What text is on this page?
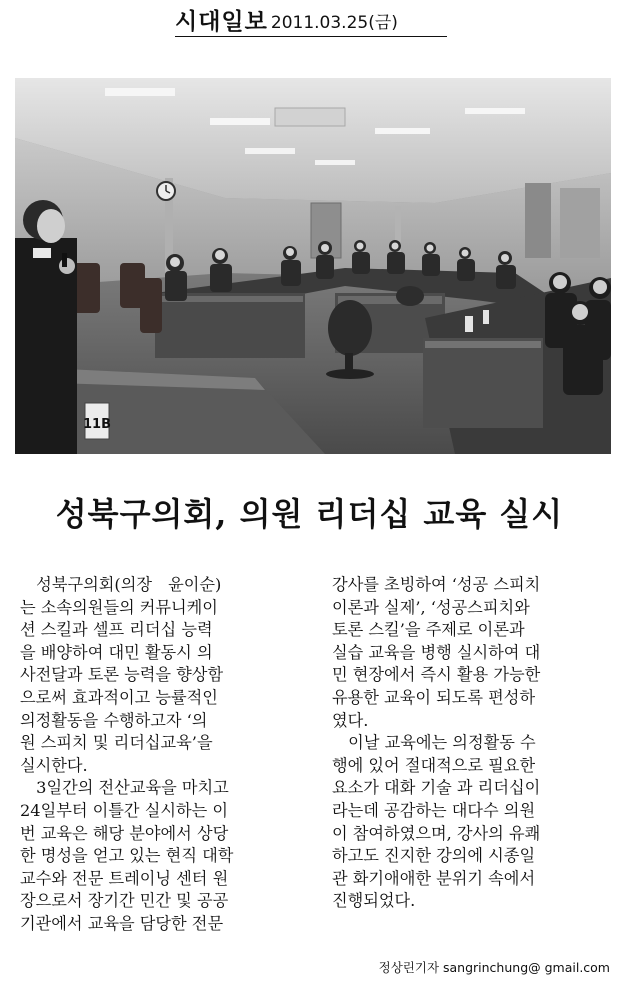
시대일보 2011.03.25(금)
11B
성북구의회, 의원 리더십 교육 실시

　성북구의회(의장　윤이순)

는 소속의원들의 커뮤니케이

션 스킬과 셀프 리더십 능력

을 배양하여 대민 활동시 의

사전달과 토론 능력을 향상함

으로써 효과적이고 능률적인

의정활동을 수행하고자 ‘의

원 스피치 및 리더십교육’을

실시한다.

　3일간의 전산교육을 마치고

24일부터 이틀간 실시하는 이

번 교육은 해당 분야에서 상당

한 명성을 얻고 있는 현직 대학

교수와 전문 트레이닝 센터 원

장으로서 장기간 민간 및 공공

기관에서 교육을 담당한 전문

강사를 초빙하여 ‘성공 스피치

이론과 실제’, ‘성공스피치와

토론 스킬’을 주제로 이론과

실습 교육을 병행 실시하여 대

민 현장에서 즉시 활용 가능한

유용한 교육이 되도록 편성하

였다.

　이날 교육에는 의정활동 수

행에 있어 절대적으로 필요한

요소가 대화 기술 과 리더십이

라는데 공감하는 대다수 의원

이 참여하였으며, 강사의 유쾌

하고도 진지한 강의에 시종일

관 화기애애한 분위기 속에서

진행되었다.

정상린기자 sangrinchung@ gmail.com
